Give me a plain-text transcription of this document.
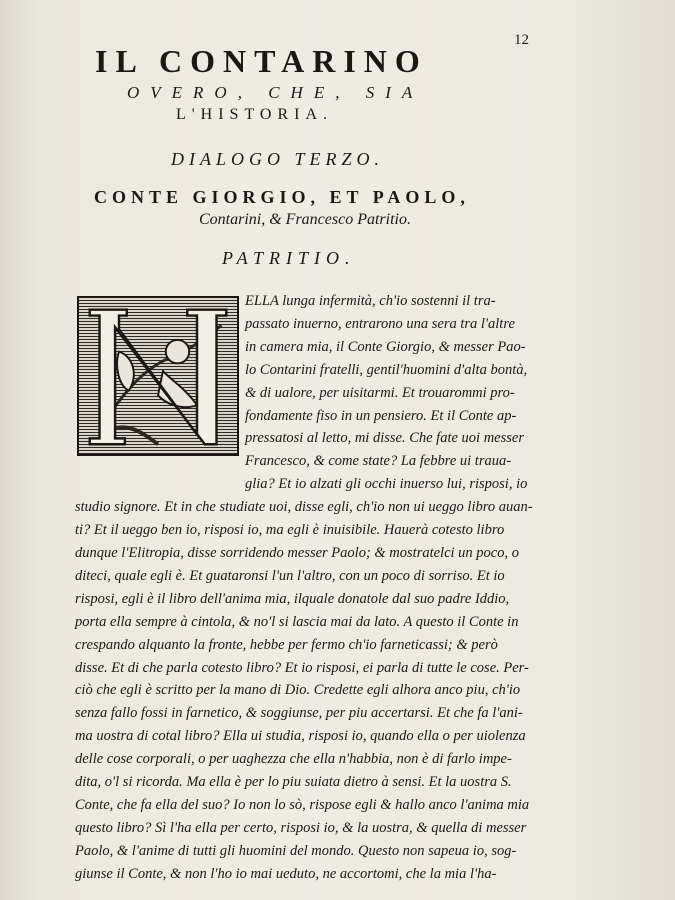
12
IL CONTARINO
OVERO, CHE, SIA
L'HISTORIA.
DIALOGO TERZO.
CONTE GIORGIO, ET PAOLO,
Contarini, & Francesco Patritio.
PATRITIO.
ELLA lunga infermità, ch'io sostenni il tra-
passato inuerno, entrarono una sera tra l'altre
in camera mia, il Conte Giorgio, & messer Pao-
lo Contarini fratelli, gentil'huomini d'alta bontà,
& di ualore, per uisitarmi. Et trouarommi pro-
fondamente fiso in un pensiero. Et il Conte ap-
pressatosi al letto, mi disse. Che fate uoi messer
Francesco, & come state? La febbre ui traua-
glia? Et io alzati gli occhi inuerso lui, risposi, io
studio signore. Et in che studiate uoi, disse egli, ch'io non ui ueggo libro auan-
ti? Et il ueggo ben io, risposi io, ma egli è inuisibile. Hauerà cotesto libro
dunque l'Elitropia, disse sorridendo messer Paolo; & mostratelci un poco, o
diteci, quale egli è. Et guataronsi l'un l'altro, con un poco di sorriso. Et io
risposi, egli è il libro dell'anima mia, ilquale donatole dal suo padre Iddio,
porta ella sempre à cintola, & no'l si lascia mai da lato. A questo il Conte in
crespando alquanto la fronte, hebbe per fermo ch'io farneticassi; & però
disse. Et di che parla cotesto libro? Et io risposi, ei parla di tutte le cose. Per-
ciò che egli è scritto per la mano di Dio. Credette egli alhora anco piu, ch'io
senza fallo fossi in farnetico, & soggiunse, per piu accertarsi. Et che fa l'ani-
ma uostra di cotal libro? Ella ui studia, risposi io, quando ella o per uiolenza
delle cose corporali, o per uaghezza che ella n'habbia, non è di farlo impe-
dita, o'l si ricorda. Ma ella è per lo piu suiata dietro à sensi. Et la uostra S.
Conte, che fa ella del suo? Io non lo sò, rispose egli & hallo anco l'anima mia
questo libro? Sì l'ha ella per certo, risposi io, & la uostra, & quella di messer
Paolo, & l'anime di tutti gli huomini del mondo. Questo non sapeua io, sog-
giunse il Conte, & non l'ho io mai ueduto, ne accortomi, che la mia l'ha-
